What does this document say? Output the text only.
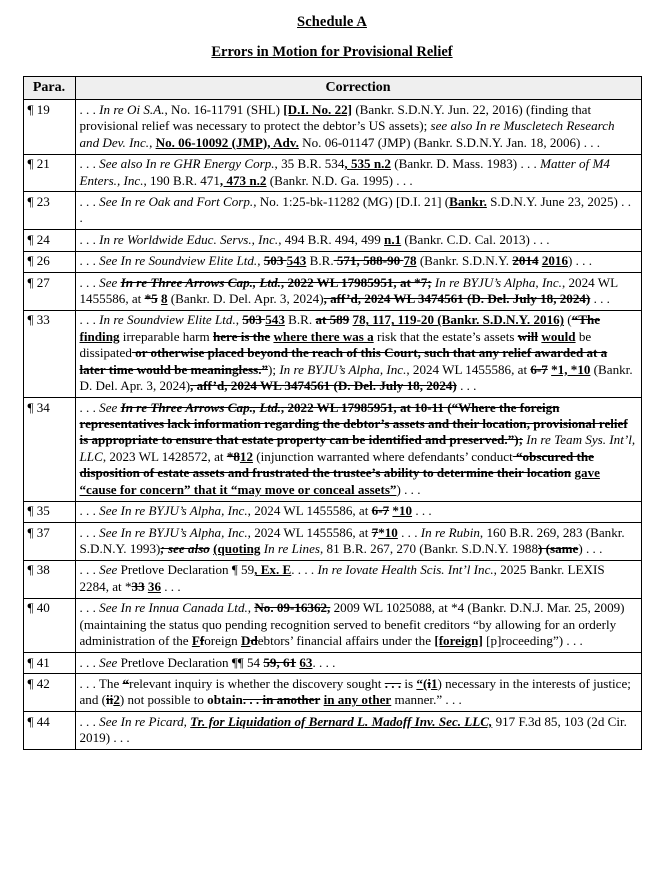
Schedule A
Errors in Motion for Provisional Relief
Para.	Correction
¶ 19	. . . In re Oi S.A., No. 16-11791 (SHL) [D.I. No. 22] (Bankr. S.D.N.Y. Jun. 22, 2016) (finding that provisional relief was necessary to protect the debtor’s US assets); see also In re Muscletech Research and Dev. Inc., No. 06-10092 (JMP), Adv. No. 06-01147 (JMP) (Bankr. S.D.N.Y. Jan. 18, 2006) . . .
¶ 21	. . . See also In re GHR Energy Corp., 35 B.R. 534, 535 n.2 (Bankr. D. Mass. 1983) . . . Matter of M4 Enters., Inc., 190 B.R. 471, 473 n.2 (Bankr. N.D. Ga. 1995) . . .
¶ 23	. . . See In re Oak and Fort Corp., No. 1:25-bk-11282 (MG) [D.I. 21] (Bankr. S.D.N.Y. June 23, 2025) . . .
¶ 24	. . . In re Worldwide Educ. Servs., Inc., 494 B.R. 494, 499 n.1 (Bankr. C.D. Cal. 2013) . . .
¶ 26	. . . See In re Soundview Elite Ltd., 503 543 B.R. 571, 588-90 78 (Bankr. S.D.N.Y. 2014 2016) . . .
¶ 27	. . . See In re Three Arrows Cap., Ltd., 2022 WL 17985951, at *7; In re BYJU’s Alpha, Inc., 2024 WL 1455586, at *5 8 (Bankr. D. Del. Apr. 3, 2024), aff’d, 2024 WL 3474561 (D. Del. July 18, 2024) . . .
¶ 33	. . . In re Soundview Elite Ltd., 503 543 B.R. at 589 78, 117, 119-20 (Bankr. S.D.N.Y. 2016) (“The finding irreparable harm here is the where there was a risk that the estate’s assets will would be dissipated or otherwise placed beyond the reach of this Court, such that any relief awarded at a later time would be meaningless.”); In re BYJU’s Alpha, Inc., 2024 WL 1455586, at 6-7 *1, *10 (Bankr. D. Del. Apr. 3, 2024), aff’d, 2024 WL 3474561 (D. Del. July 18, 2024) . . .
¶ 34	. . . See In re Three Arrows Cap., Ltd., 2022 WL 17985951, at 10-11 (“Where the foreign representatives lack information regarding the debtor’s assets and their location, provisional relief is appropriate to ensure that estate property can be identified and preserved.”); In re Team Sys. Int’l, LLC, 2023 WL 1428572, at *812 (injunction warranted where defendants’ conduct “obscured the disposition of estate assets and frustrated the trustee’s ability to determine their location gave “cause for concern” that it “may move or conceal assets”) . . .
¶ 35	. . . See In re BYJU’s Alpha, Inc., 2024 WL 1455586, at 6-7 *10 . . .
¶ 37	. . . See In re BYJU’s Alpha, Inc., 2024 WL 1455586, at 7*10 . . . In re Rubin, 160 B.R. 269, 283 (Bankr. S.D.N.Y. 1993); see also (quoting In re Lines, 81 B.R. 267, 270 (Bankr. S.D.N.Y. 1988) (same) . . .
¶ 38	. . . See Pretlove Declaration ¶ 59, Ex. E. . . . In re Iovate Health Scis. Int’l Inc., 2025 Bankr. LEXIS 2284, at *33 36 . . .
¶ 40	. . . See In re Innua Canada Ltd., No. 09-16362, 2009 WL 1025088, at *4 (Bankr. D.N.J. Mar. 25, 2009) (maintaining the status quo pending recognition served to benefit creditors “by allowing for an orderly administration of the Fforeign Ddebtors’ financial affairs under the [foreign] [p]roceeding”) . . .
¶ 41	. . . See Pretlove Declaration ¶¶ 54 59, 61 63. . . .
¶ 42	. . . The “relevant inquiry is whether the discovery sought . . . is “(i1) necessary in the interests of justice; and (ii2) not possible to obtain. . . in another in any other manner.” . . .
¶ 44	. . . See In re Picard, Tr. for Liquidation of Bernard L. Madoff Inv. Sec. LLC, 917 F.3d 85, 103 (2d Cir. 2019) . . .
